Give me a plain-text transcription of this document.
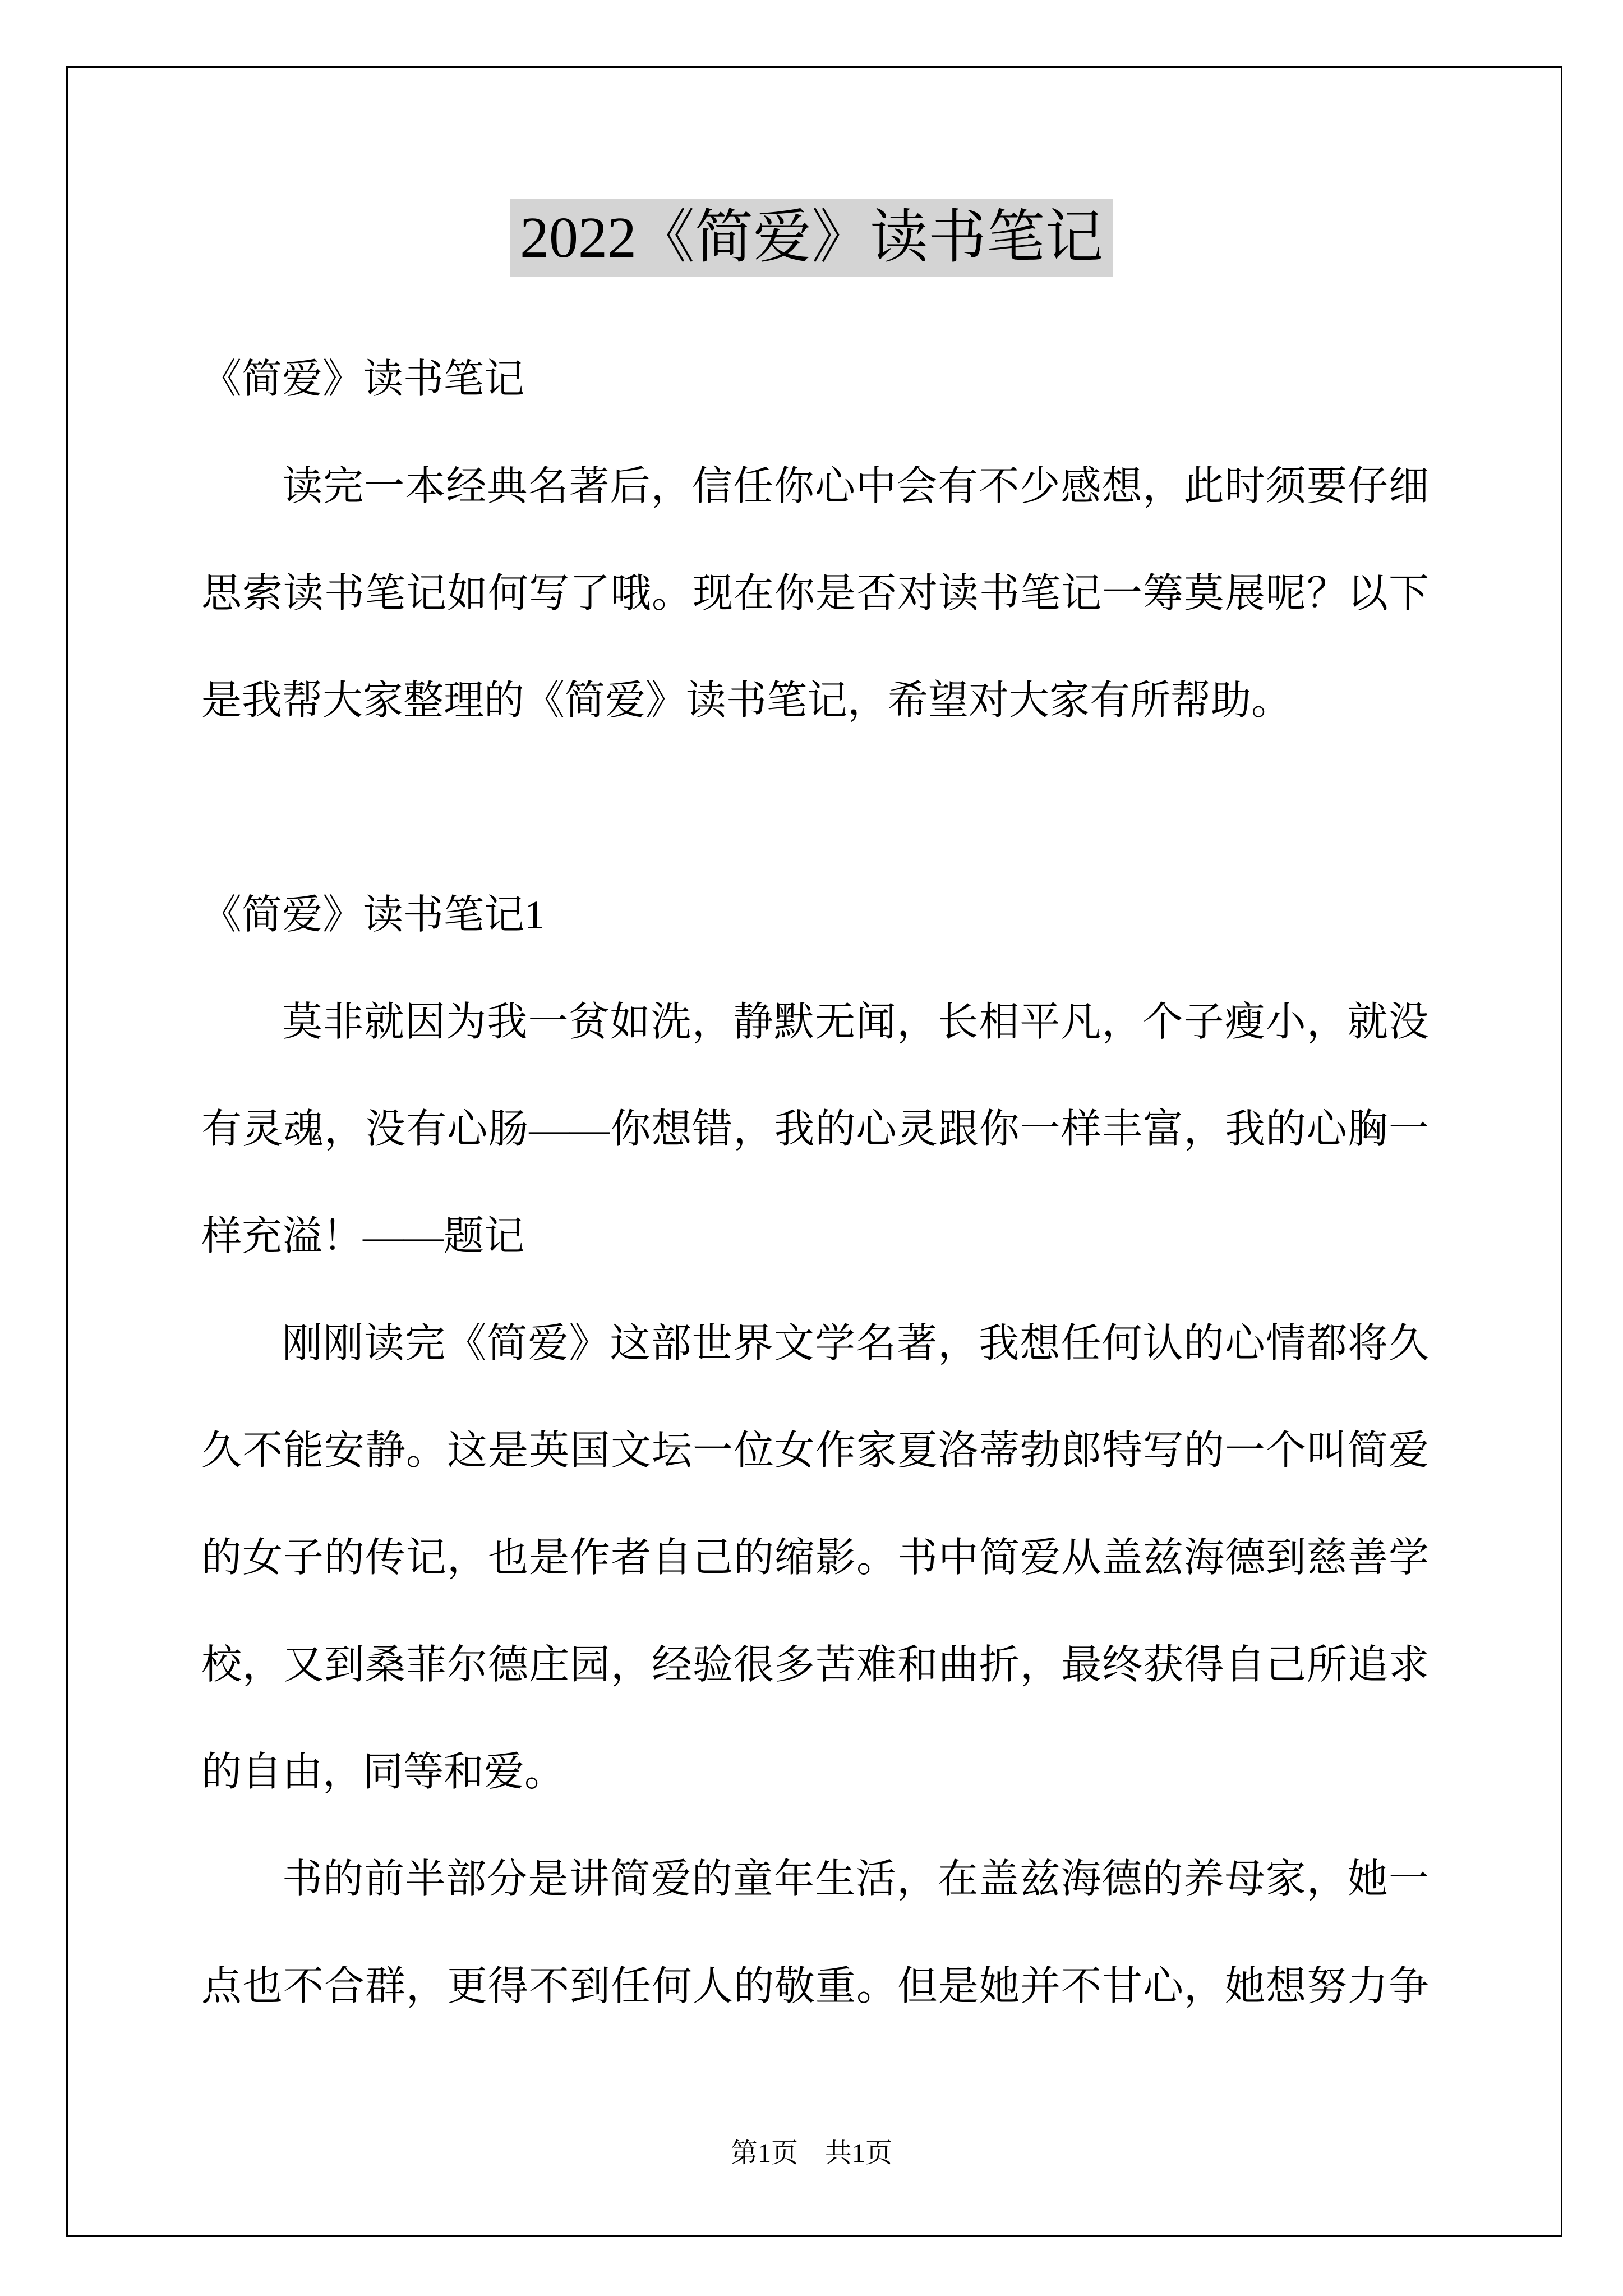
2022《简爱》读书笔记
《简爱》读书笔记
读完一本经典名著后，信任你心中会有不少感想，此时须要仔细
思索读书笔记如何写了哦。现在你是否对读书笔记一筹莫展呢？以下
是我帮大家整理的《简爱》读书笔记，希望对大家有所帮助。
《简爱》读书笔记1
莫非就因为我一贫如洗，静默无闻，长相平凡，个子瘦小，就没
有灵魂，没有心肠——你想错，我的心灵跟你一样丰富，我的心胸一
样充溢！——题记
刚刚读完《简爱》这部世界文学名著，我想任何认的心情都将久
久不能安静。这是英国文坛一位女作家夏洛蒂勃郎特写的一个叫简爱
的女子的传记，也是作者自己的缩影。书中简爱从盖兹海德到慈善学
校，又到桑菲尔德庄园，经验很多苦难和曲折，最终获得自己所追求
的自由，同等和爱。
书的前半部分是讲简爱的童年生活，在盖兹海德的养母家，她一
点也不合群，更得不到任何人的敬重。但是她并不甘心，她想努力争
第1页 共1页
